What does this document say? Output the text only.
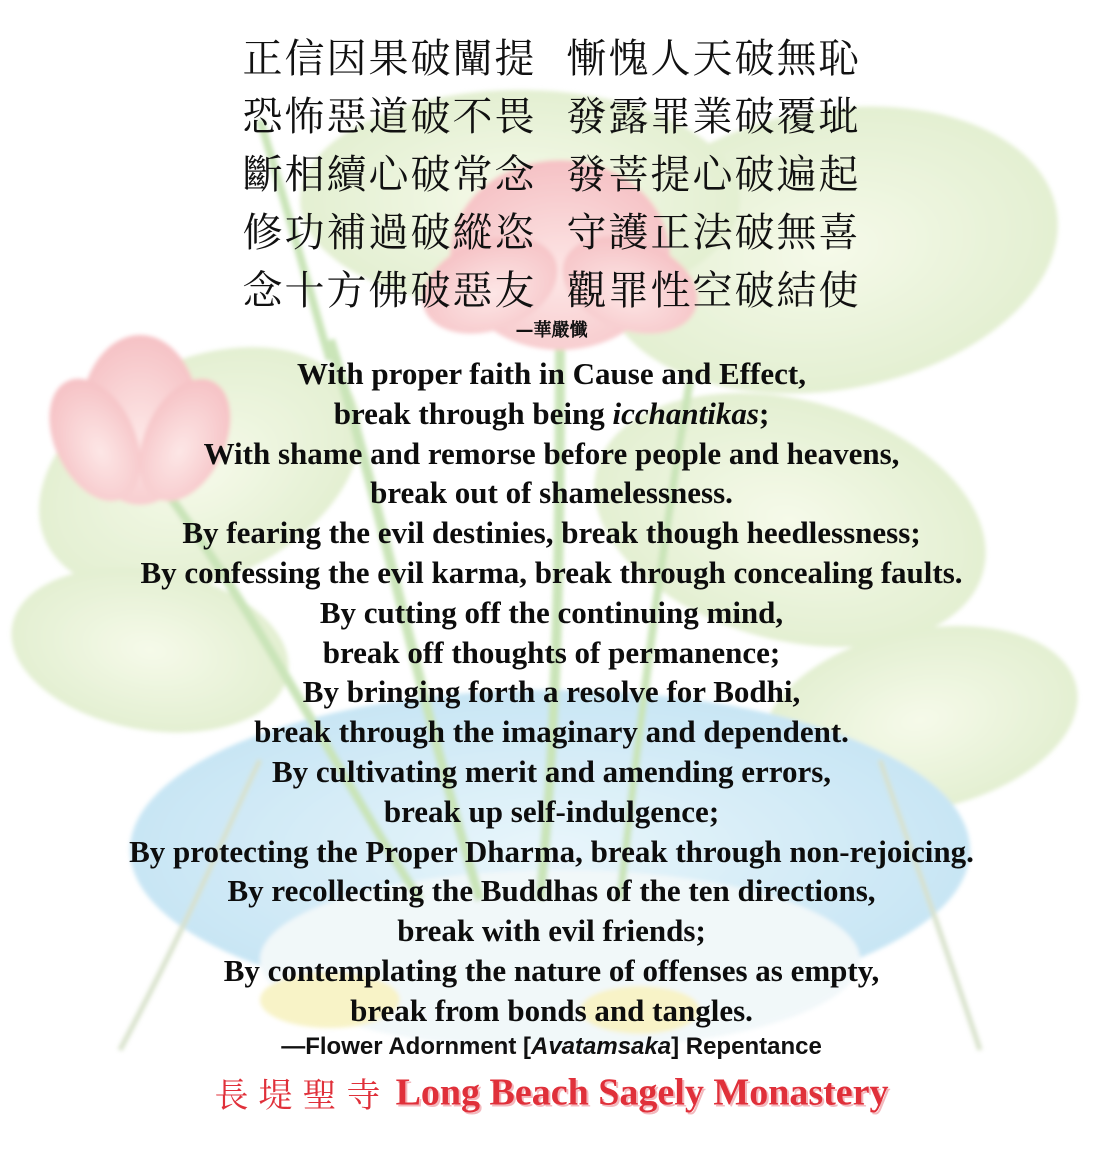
正信因果破闡提 慚愧人天破無恥
恐怖惡道破不畏 發露罪業破覆玼
斷相續心破常念 發菩提心破遍起
修功補過破縱恣 守護正法破無喜
念十方佛破惡友 觀罪性空破結使
—華嚴懺
With proper faith in Cause and Effect,
break through being icchantikas;
With shame and remorse before people and heavens,
break out of shamelessness.
By fearing the evil destinies, break though heedlessness;
By confessing the evil karma, break through concealing faults.
By cutting off the continuing mind,
break off thoughts of permanence;
By bringing forth a resolve for Bodhi,
break through the imaginary and dependent.
By cultivating merit and amending errors,
break up self-indulgence;
By protecting the Proper Dharma, break through non-rejoicing.
By recollecting the Buddhas of the ten directions,
break with evil friends;
By contemplating the nature of offenses as empty,
break from bonds and tangles.
—Flower Adornment [Avatamsaka] Repentance
長堤聖寺 Long Beach Sagely Monastery
